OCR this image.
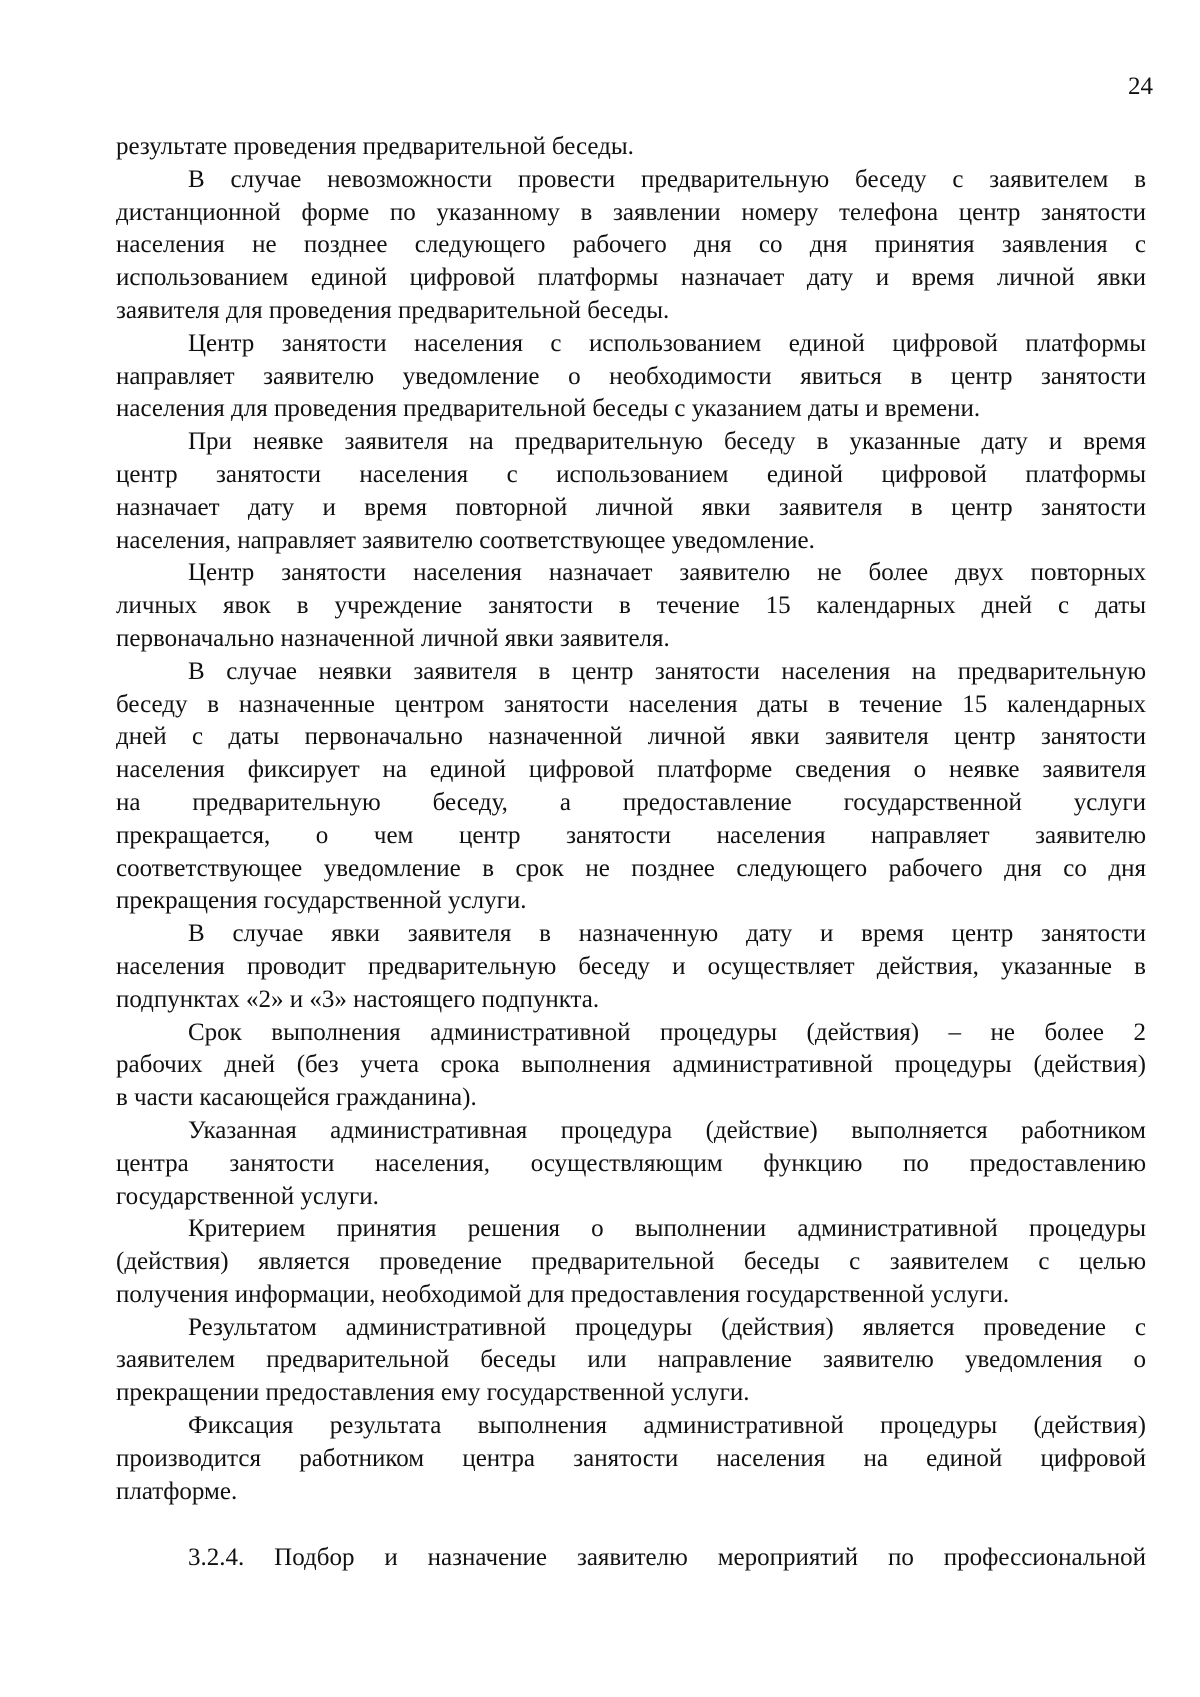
24
результате проведения предварительной беседы.
В случае невозможности провести предварительную беседу с заявителем в
дистанционной форме по указанному в заявлении номеру телефона центр занятости
населения не позднее следующего рабочего дня со дня принятия заявления с
использованием единой цифровой платформы назначает дату и время личной явки
заявителя для проведения предварительной беседы.
Центр занятости населения с использованием единой цифровой платформы
направляет заявителю уведомление о необходимости явиться в центр занятости
населения для проведения предварительной беседы с указанием даты и времени.
При неявке заявителя на предварительную беседу в указанные дату и время
центр занятости населения с использованием единой цифровой платформы
назначает дату и время повторной личной явки заявителя в центр занятости
населения, направляет заявителю соответствующее уведомление.
Центр занятости населения назначает заявителю не более двух повторных
личных явок в учреждение занятости в течение 15 календарных дней с даты
первоначально назначенной личной явки заявителя.
В случае неявки заявителя в центр занятости населения на предварительную
беседу в назначенные центром занятости населения даты в течение 15 календарных
дней с даты первоначально назначенной личной явки заявителя центр занятости
населения фиксирует на единой цифровой платформе сведения о неявке заявителя
на предварительную беседу, а предоставление государственной услуги
прекращается, о чем центр занятости населения направляет заявителю
соответствующее уведомление в срок не позднее следующего рабочего дня со дня
прекращения государственной услуги.
В случае явки заявителя в назначенную дату и время центр занятости
населения проводит предварительную беседу и осуществляет действия, указанные в
подпунктах «2» и «3» настоящего подпункта.
Срок выполнения административной процедуры (действия) – не более 2
рабочих дней (без учета срока выполнения административной процедуры (действия)
в части касающейся гражданина).
Указанная административная процедура (действие) выполняется работником
центра занятости населения, осуществляющим функцию по предоставлению
государственной услуги.
Критерием принятия решения о выполнении административной процедуры
(действия) является проведение предварительной беседы с заявителем с целью
получения информации, необходимой для предоставления государственной услуги.
Результатом административной процедуры (действия) является проведение с
заявителем предварительной беседы или направление заявителю уведомления о
прекращении предоставления ему государственной услуги.
Фиксация результата выполнения административной процедуры (действия)
производится работником центра занятости населения на единой цифровой
платформе.
3.2.4. Подбор и назначение заявителю мероприятий по профессиональной
